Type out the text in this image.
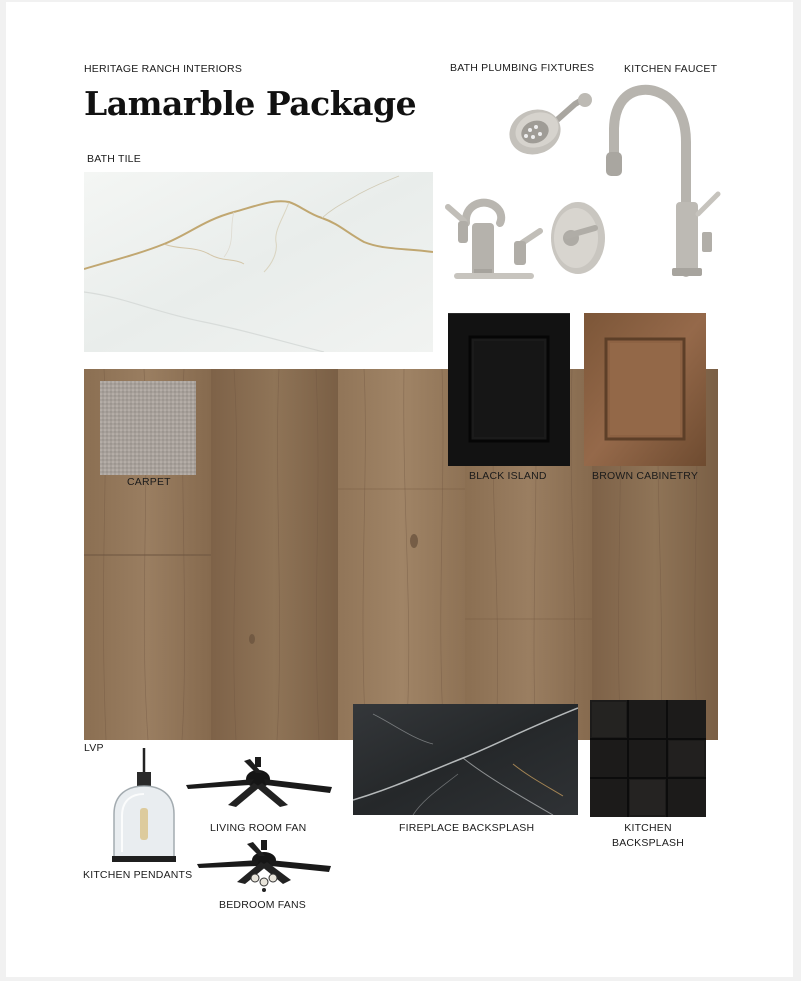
HERITAGE RANCH INTERIORS
Lamarble Package
BATH PLUMBING FIXTURES	KITCHEN FAUCET
BATH TILE
CARPET	BLACK ISLAND	BROWN CABINETRY
FIREPLACE BACKSPLASH	KITCHEN
BACKSPLASH
LVP
KITCHEN PENDANTS
LIVING ROOM FAN
BEDROOM FANS
